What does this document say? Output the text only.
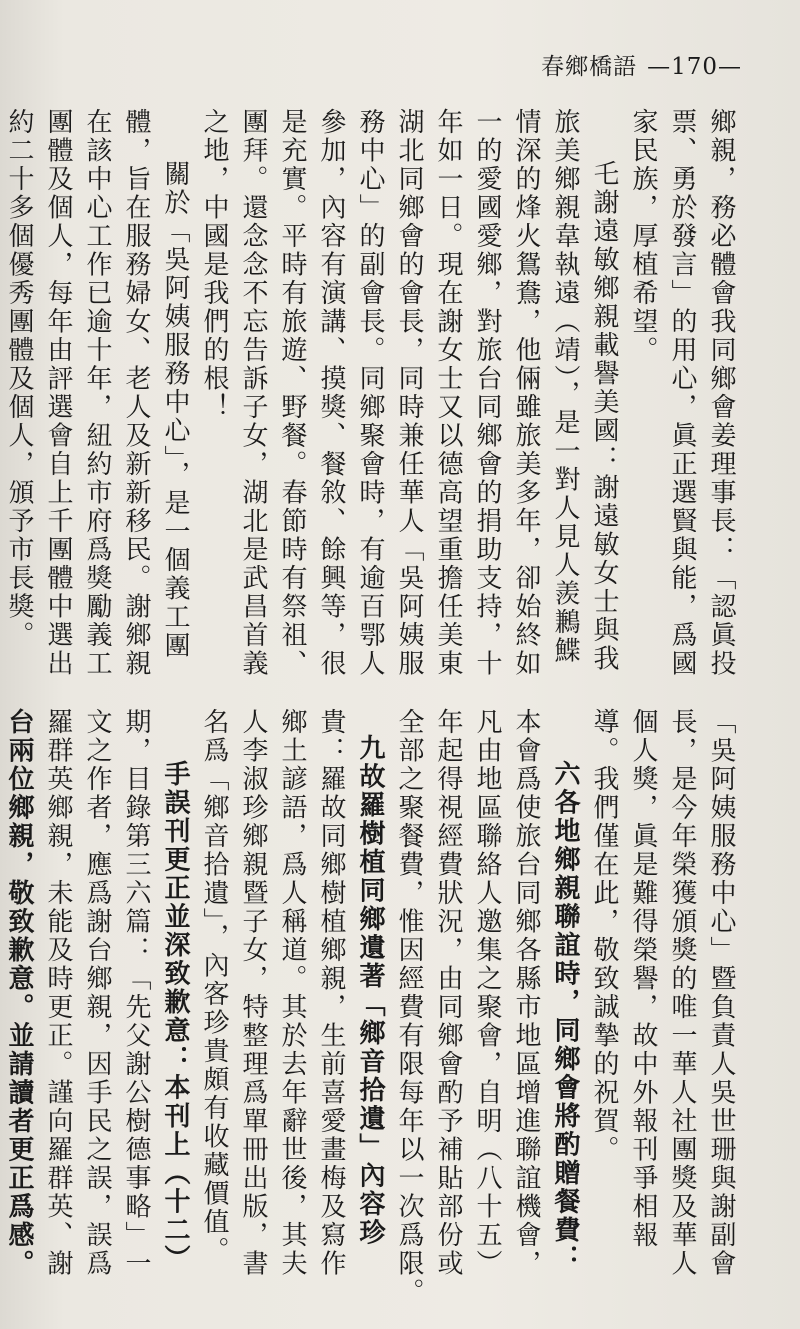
春鄉橋語 —170—
鄉親，務必體會我同鄉會姜理事長：「認眞投
票、勇於發言」的用心，眞正選賢與能，爲國
家民族，厚植希望。
乇謝遠敏鄉親載譽美國：謝遠敏女士與我
旅美鄉親韋執遠（靖），是一對人見人羨鶼鰈
情深的烽火鴛鴦，他倆雖旅美多年，卻始終如
一的愛國愛鄉，對旅台同鄉會的捐助支持，十
年如一日。現在謝女士又以德高望重擔任美東
湖北同鄉會的會長，同時兼任華人「吳阿姨服
務中心」的副會長。同鄉聚會時，有逾百鄂人
參加，內容有演講、摸獎、餐敘、餘興等，很
是充實。平時有旅遊、野餐。春節時有祭祖、
團拜。還念念不忘告訴子女，湖北是武昌首義
之地，中國是我們的根！
關於「吳阿姨服務中心」，是一個義工團
體，旨在服務婦女、老人及新新移民。謝鄉親
在該中心工作已逾十年，紐約市府爲獎勵義工
團體及個人，每年由評選會自上千團體中選出
約二十多個優秀團體及個人，頒予市長獎。
「吳阿姨服務中心」暨負責人吳世珊與謝副會
長，是今年榮獲頒獎的唯一華人社團獎及華人
個人獎，眞是難得榮譽，故中外報刊爭相報
導。我們僅在此，敬致誠摯的祝賀。
六各地鄉親聯誼時，同鄉會將酌贈餐費：
本會爲使旅台同鄉各縣市地區增進聯誼機會，
凡由地區聯絡人邀集之聚會，自明（八十五）
年起得視經費狀況，由同鄉會酌予補貼部份或
全部之聚餐費，惟因經費有限每年以一次爲限。
九故羅樹植同鄉遺著「鄉音拾遺」內容珍
貴：羅故同鄉樹植鄉親，生前喜愛畫梅及寫作
鄉土諺語，爲人稱道。其於去年辭世後，其夫
人李淑珍鄉親暨子女，特整理爲單冊出版，書
名爲「鄉音拾遺」，內客珍貴頗有收藏價值。
手誤刊更正並深致歉意：本刊上（十二）
期，目錄第三六篇：「先父謝公樹德事略」一
文之作者，應爲謝台鄉親，因手民之誤，誤爲
羅群英鄉親，未能及時更正。謹向羅群英、謝
台兩位鄉親，敬致歉意。並請讀者更正爲感。
